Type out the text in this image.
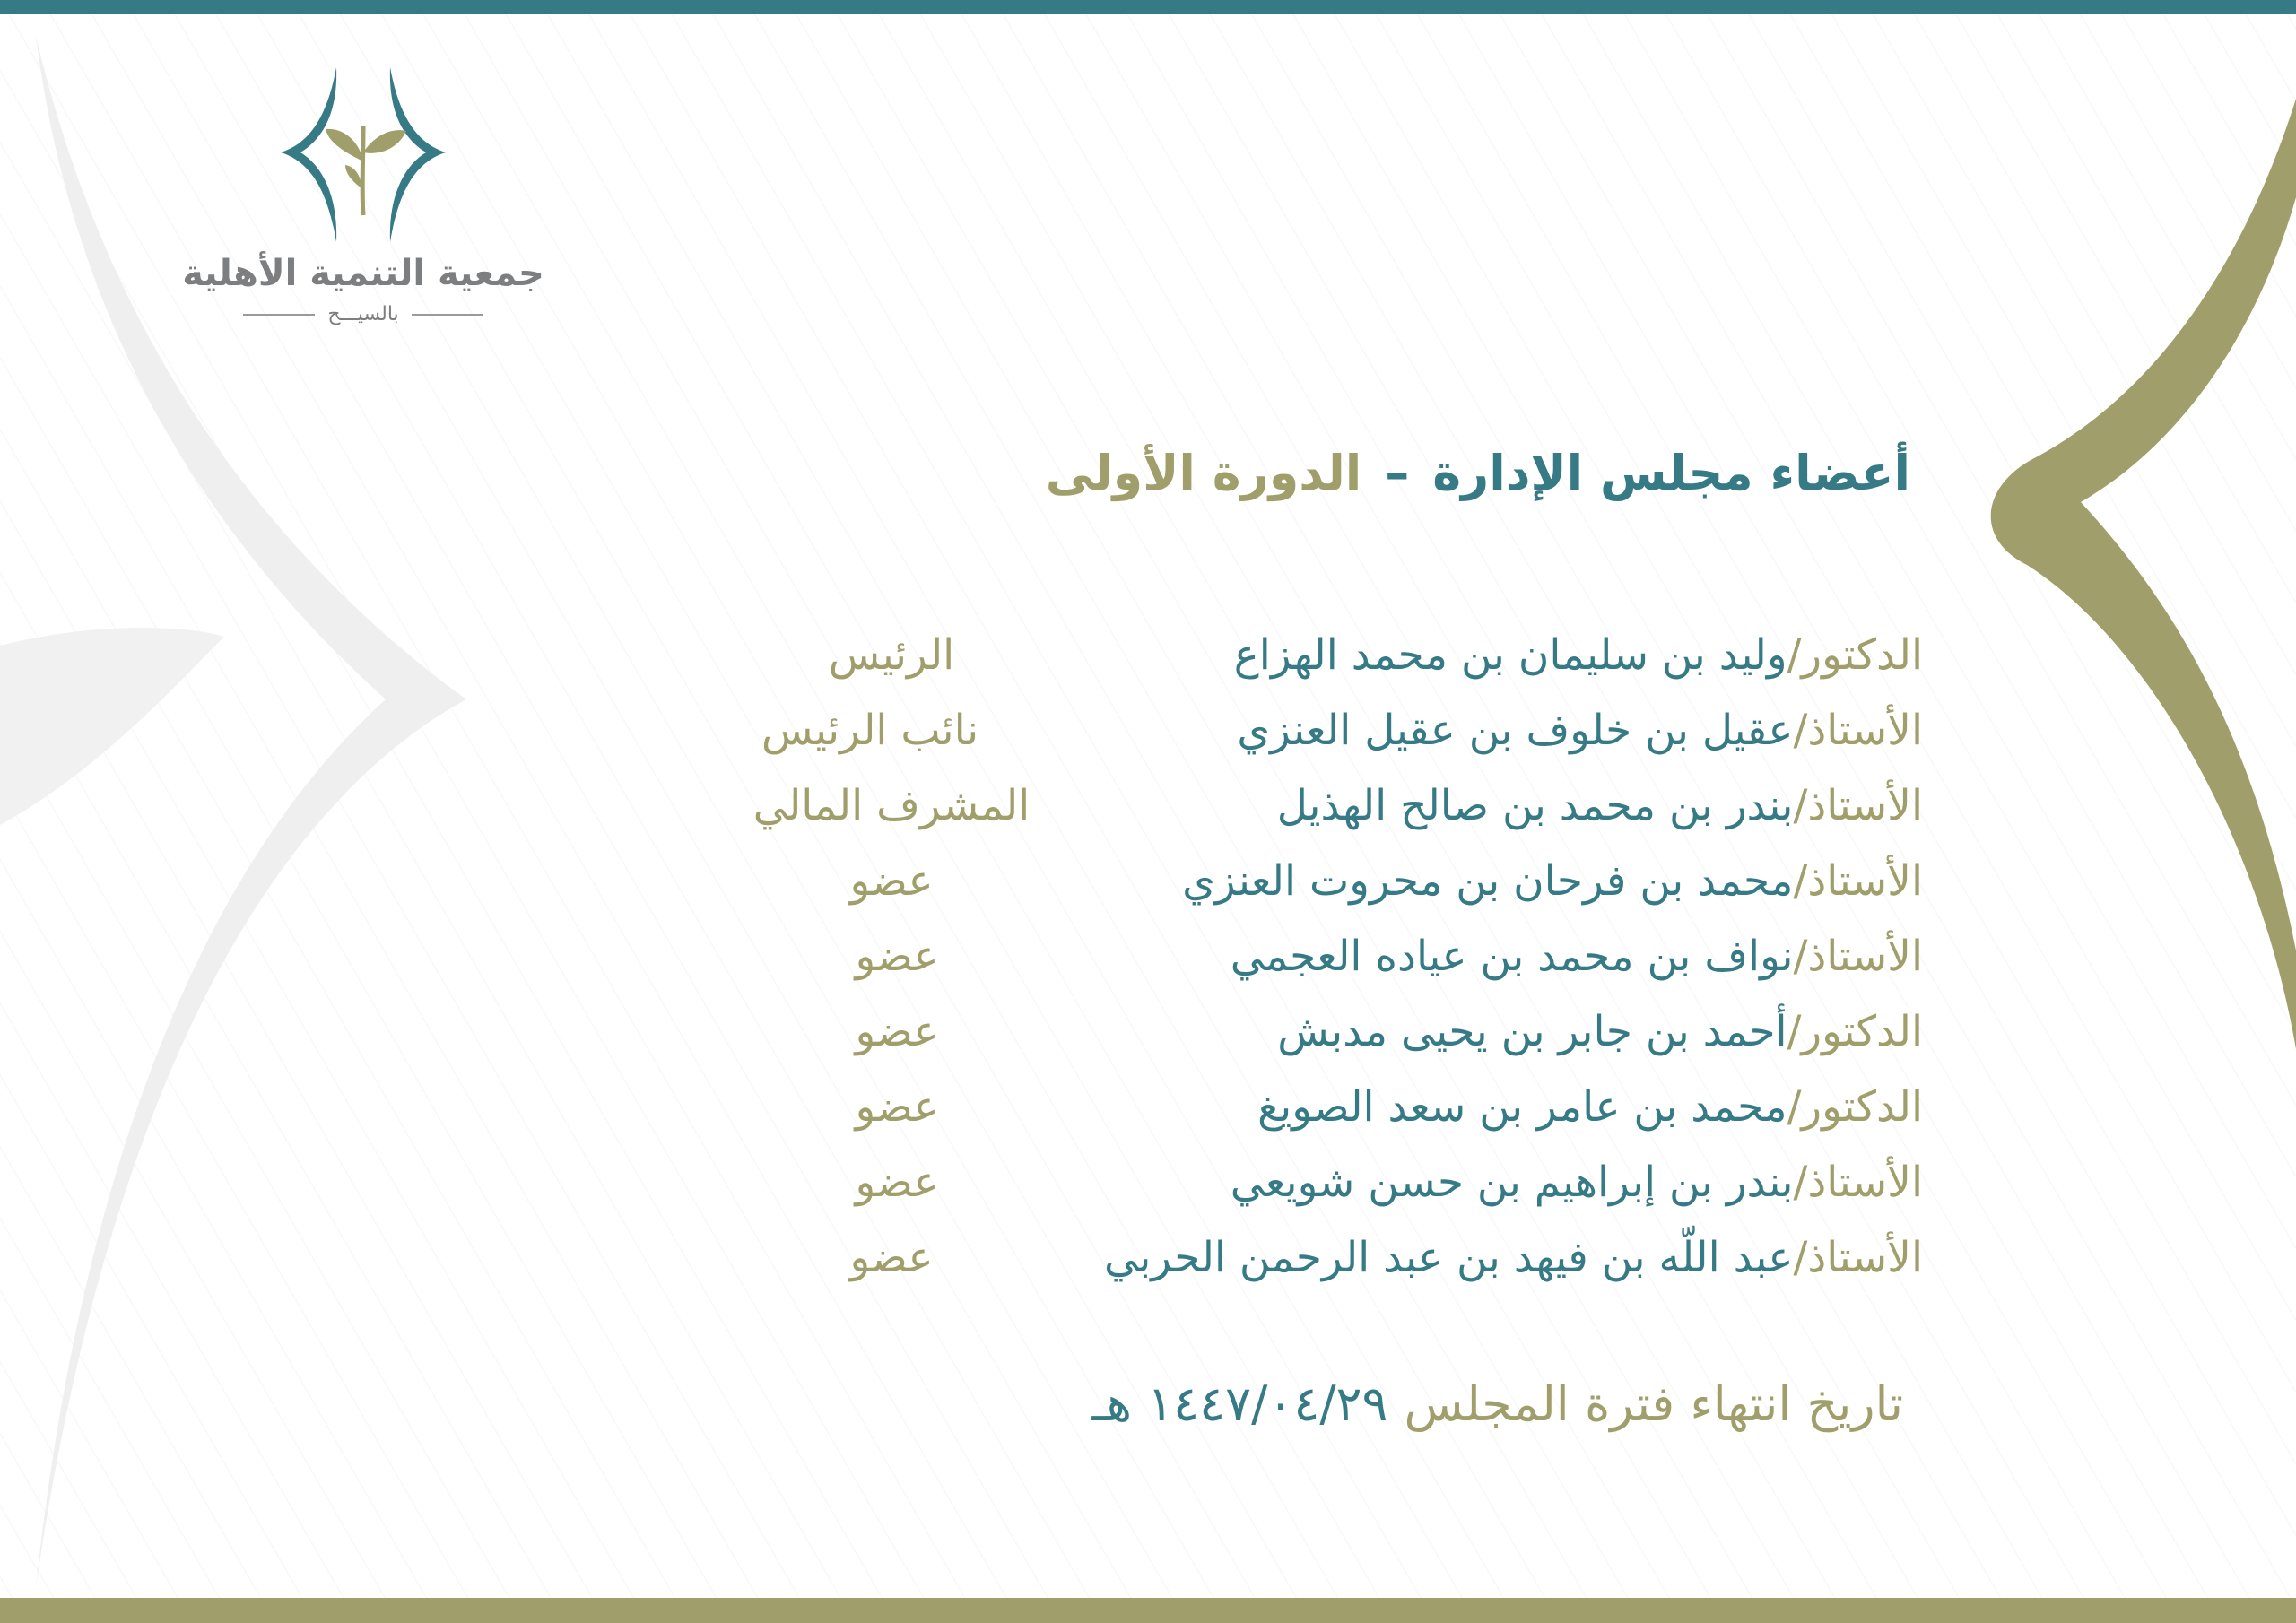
جمعية التنمية الأهلية
بالسيـــح
أعضاء مجلس الإدارة–الدورة الأولى
الدكتور/وليد بن سليمان بن محمد الهزاع
الرئيس
الأستاذ/عقيل بن خلوف بن عقيل العنزي
نائب الرئيس
الأستاذ/بندر بن محمد بن صالح الهذيل
المشرف المالي
الأستاذ/محمد بن فرحان بن محروت العنزي
عضو
الأستاذ/نواف بن محمد بن عياده العجمي
عضو
الدكتور/أحمد بن جابر بن يحيى مدبش
عضو
الدكتور/محمد بن عامر بن سعد الصويغ
عضو
الأستاذ/بندر بن إبراهيم بن حسن شويعي
عضو
الأستاذ/عبد اللّه بن فيهد بن عبد الرحمن الحربي
عضو
تاريخ انتهاء فترة المجلس١٤٤٧/٠٤/٢٩ هـ
